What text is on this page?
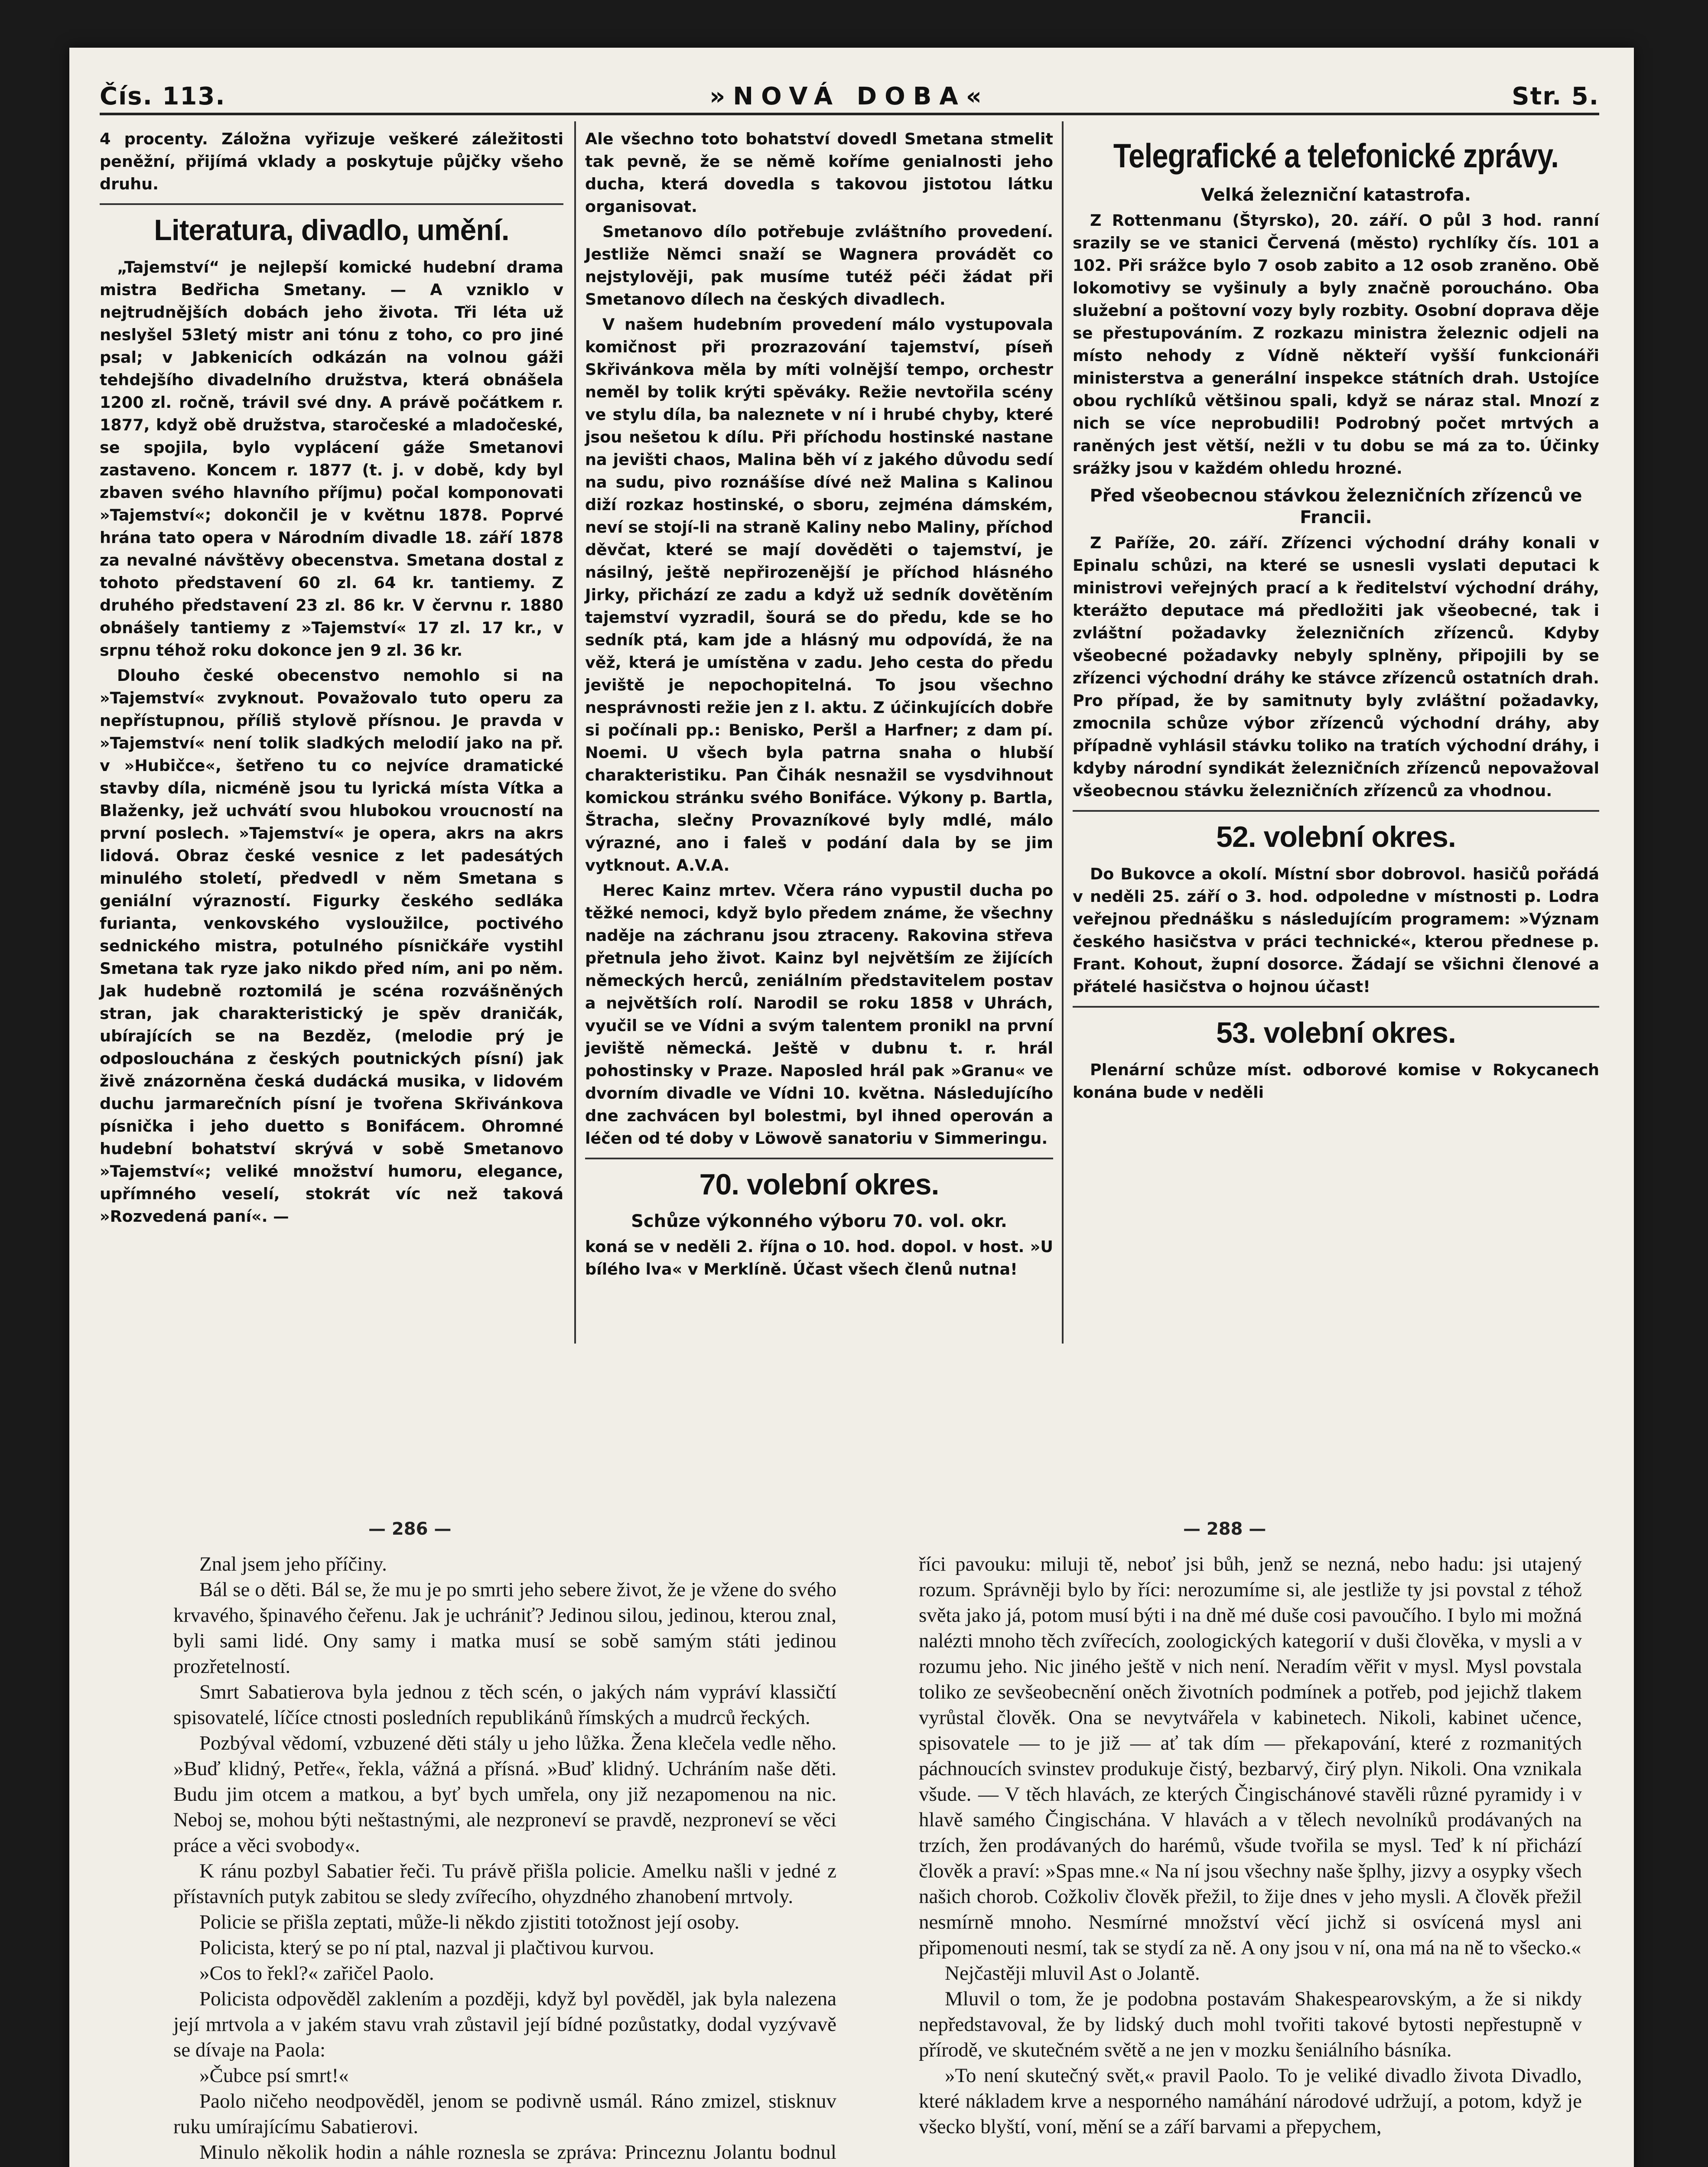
Čís. 113.	»NOVÁ DOBA«	Str. 5.

4 procenty. Záložna vyřizuje veškeré záležitosti peněžní, přijímá vklady a poskytuje půjčky všeho druhu.

Literatura, divadlo, umění.

„Tajemství“ je nejlepší komické hudební drama mistra Bedřicha Smetany. — A vzniklo v nejtrudnějších dobách jeho života. Tři léta už neslyšel 53letý mistr ani tónu z toho, co pro jiné psal; v Jabkenicích odkázán na volnou gáži tehdejšího divadelního družstva, která obnášela 1200 zl. ročně, trávil své dny. A právě počátkem r. 1877, když obě družstva, staročeské a mladočeské, se spojila, bylo vyplácení gáže Smetanovi zastaveno. Koncem r. 1877 (t. j. v době, kdy byl zbaven svého hlavního příjmu) počal komponovati »Tajemství«; dokončil je v květnu 1878. Poprvé hrána tato opera v Národním divadle 18. září 1878 za nevalné návštěvy obecenstva. Smetana dostal z tohoto představení 60 zl. 64 kr. tantiemy. Z druhého představení 23 zl. 86 kr. V červnu r. 1880 obnášely tantiemy z »Tajemství« 17 zl. 17 kr., v srpnu téhož roku dokonce jen 9 zl. 36 kr.

Dlouho české obecenstvo nemohlo si na »Tajemství« zvyknout. Považovalo tuto operu za nepřístupnou, příliš stylově přísnou. Je pravda v »Tajemství« není tolik sladkých melodií jako na př. v »Hubičce«, šetřeno tu co nejvíce dramatické stavby díla, nicméně jsou tu lyrická místa Vítka a Blaženky, jež uchvátí svou hlubokou vroucností na první poslech. »Tajemství« je opera, akrs na akrs lidová. Obraz české vesnice z let padesátých minulého století, předvedl v něm Smetana s geniální výrazností. Figurky českého sedláka furianta, venkovského vysloužilce, poctivého sednického mistra, potulného písničkáře vystihl Smetana tak ryze jako nikdo před ním, ani po něm. Jak hudebně roztomilá je scéna rozvášněných stran, jak charakteristický je spěv draničák, ubírajících se na Bezděz, (melodie prý je odposlouchána z českých poutnických písní) jak živě znázorněna česká dudácká musika, v lidovém duchu jarmarečních písní je tvořena Skřivánkova písnička i jeho duetto s Bonifácem. Ohromné hudební bohatství skrývá v sobě Smetanovo »Tajemství«; veliké množství humoru, elegance, upřímného veselí, stokrát víc než taková »Rozvedená paní«. —

Ale všechno toto bohatství dovedl Smetana stmelit tak pevně, že se němě koříme genialnosti jeho ducha, která dovedla s takovou jistotou látku organisovat.

Smetanovo dílo potřebuje zvláštního provedení. Jestliže Němci snaží se Wagnera provádět co nejstylověji, pak musíme tutéž péči žádat při Smetanovo dílech na českých divadlech.

V našem hudebním provedení málo vystupovala komičnost při prozrazování tajemství, píseň Skřivánkova měla by míti volnější tempo, orchestr neměl by tolik krýti spěváky. Režie nevtořila scény ve stylu díla, ba naleznete v ní i hrubé chyby, které jsou nešetou k dílu. Při příchodu hostinské nastane na jevišti chaos, Malina běh ví z jakého důvodu sedí na sudu, pivo roznášíse dívé než Malina s Kalinou diží rozkaz hostinské, o sboru, zejména dámském, neví se stojí-li na straně Kaliny nebo Maliny, příchod děvčat, které se mají dověděti o tajemství, je násilný, ještě nepřirozenější je příchod hlásného Jirky, přichází ze zadu a když už sedník dovětěním tajemství vyzradil, šourá se do předu, kde se ho sedník ptá, kam jde a hlásný mu odpovídá, že na věž, která je umístěna v zadu. Jeho cesta do předu jeviště je nepochopitelná. To jsou všechno nesprávnosti režie jen z I. aktu. Z účinkujících dobře si počínali pp.: Benisko, Peršl a Harfner; z dam pí. Noemi. U všech byla patrna snaha o hlubší charakteristiku. Pan Čihák nesnažil se vysdvihnout komickou stránku svého Bonifáce. Výkony p. Bartla, Štracha, slečny Provazníkové byly mdlé, málo výrazné, ano i faleš v podání dala by se jim vytknout. A.V.A.

Herec Kainz mrtev. Včera ráno vypustil ducha po těžké nemoci, když bylo předem známe, že všechny naděje na záchranu jsou ztraceny. Rakovina střeva přetnula jeho život. Kainz byl největším ze žijících německých herců, zeniálním představitelem postav a největších rolí. Narodil se roku 1858 v Uhrách, vyučil se ve Vídni a svým talentem pronikl na první jeviště německá. Ještě v dubnu t. r. hrál pohostinsky v Praze. Naposled hrál pak »Granu« ve dvorním divadle ve Vídni 10. května. Následujícího dne zachvácen byl bolestmi, byl ihned operován a léčen od té doby v Löwově sanatoriu v Simmeringu.

70. volební okres.
Schůze výkonného výboru 70. vol. okr.

koná se v neděli 2. října o 10. hod. dopol. v host. »U bílého lva« v Merklíně. Účast všech členů nutna!

Telegrafické a telefonické zprávy.
Velká železniční katastrofa.

Z Rottenmanu (Štyrsko), 20. září. O půl 3 hod. ranní srazily se ve stanici Červená (město) rychlíky čís. 101 a 102. Při srážce bylo 7 osob zabito a 12 osob zraněno. Obě lokomotivy se vyšinuly a byly značně poroucháno. Oba služební a poštovní vozy byly rozbity. Osobní doprava děje se přestupováním. Z rozkazu ministra železnic odjeli na místo nehody z Vídně někteří vyšší funkcionáři ministerstva a generální inspekce státních drah. Ustojíce obou rychlíků většinou spali, když se náraz stal. Mnozí z nich se více neprobudili! Podrobný počet mrtvých a raněných jest větší, nežli v tu dobu se má za to. Účinky srážky jsou v každém ohledu hrozné.

Před všeobecnou stávkou železničních zřízenců ve Francii.

Z Paříže, 20. září. Zřízenci východní dráhy konali v Epinalu schůzi, na které se usnesli vyslati deputaci k ministrovi veřejných prací a k ředitelství východní dráhy, kterážto deputace má předložiti jak všeobecné, tak i zvláštní požadavky železničních zřízenců. Kdyby všeobecné požadavky nebyly splněny, připojili by se zřízenci východní dráhy ke stávce zřízenců ostatních drah. Pro případ, že by samitnuty byly zvláštní požadavky, zmocnila schůze výbor zřízenců východní dráhy, aby případně vyhlásil stávku toliko na tratích východní dráhy, i kdyby národní syndikát železničních zřízenců nepovažoval všeobecnou stávku železničních zřízenců za vhodnou.

52. volební okres.

Do Bukovce a okolí. Místní sbor dobrovol. hasičů pořádá v neděli 25. září o 3. hod. odpoledne v místnosti p. Lodra veřejnou přednášku s následujícím programem: »Význam českého hasičstva v práci technické«, kterou přednese p. Frant. Kohout, župní dosorce. Žádají se všichni členové a přátelé hasičstva o hojnou účast!

53. volební okres.

Plenární schůze míst. odborové komise v Rokycanech konána bude v neděli

— 286 —	— 288 —

Znal jsem jeho příčiny.

Bál se o děti. Bál se, že mu je po smrti jeho sebere život, že je vžene do svého krvavého, špinavého čeřenu. Jak je uchrániť? Jedinou silou, jedinou, kterou znal, byli sami lidé. Ony samy i matka musí se sobě samým státi jedinou prozřetelností.

Smrt Sabatierova byla jednou z těch scén, o jakých nám vypráví klassičtí spisovatelé, líčíce ctnosti posledních republikánů římských a mudrců řeckých.

Pozbýval vědomí, vzbuzené děti stály u jeho lůžka. Žena klečela vedle něho. »Buď klidný, Petře«, řekla, vážná a přísná. »Buď klidný. Uchráním naše děti. Budu jim otcem a matkou, a byť bych umřela, ony již nezapomenou na nic. Neboj se, mohou býti neštastnými, ale nezproneví se pravdě, nezproneví se věci práce a věci svobody«.

K ránu pozbyl Sabatier řeči. Tu právě přišla policie. Amelku našli v jedné z přístavních putyk zabitou se sledy zvířecího, ohyzdného zhanobení mrtvoly.

Policie se přišla zeptati, může-li někdo zjistiti totožnost její osoby.

Policista, který se po ní ptal, nazval ji plačtivou kurvou.

»Cos to řekl?« zařičel Paolo.

Policista odpověděl zaklením a později, když byl pověděl, jak byla nalezena její mrtvola a v jakém stavu vrah zůstavil její bídné pozůstatky, dodal vyzývavě se dívaje na Paola:

»Čubce psí smrt!«

Paolo ničeho neodpověděl, jenom se podivně usmál. Ráno zmizel, stisknuv ruku umírajícímu Sabatierovi.

Minulo několik hodin a náhle roznesla se zpráva: Princeznu Jolantu bodnul

říci pavouku: miluji tě, neboť jsi bůh, jenž se nezná, nebo hadu: jsi utajený rozum. Správněji bylo by říci: nerozumíme si, ale jestliže ty jsi povstal z téhož světa jako já, potom musí býti i na dně mé duše cosi pavoučího. I bylo mi možná nalézti mnoho těch zvířecích, zoologických kategorií v duši člověka, v mysli a v rozumu jeho. Nic jiného ještě v nich není. Neradím věřit v mysl. Mysl povstala toliko ze sevšeobecnění oněch životních podmínek a potřeb, pod jejichž tlakem vyrůstal člověk. Ona se nevytvářela v kabinetech. Nikoli, kabinet učence, spisovatele — to je již — ať tak dím — překapování, které z rozmanitých páchnoucích svinstev produkuje čistý, bezbarvý, čirý plyn. Nikoli. Ona vznikala všude. — V těch hlavách, ze kterých Čingischánové stavěli různé pyramidy i v hlavě samého Čingischána. V hlavách a v tělech nevolníků prodávaných na trzích, žen prodávaných do harémů, všude tvořila se mysl. Teď k ní přichází člověk a praví: »Spas mne.« Na ní jsou všechny naše šplhy, jizvy a osypky všech našich chorob. Cožkoliv člověk přežil, to žije dnes v jeho mysli. A člověk přežil nesmírně mnoho. Nesmírné množství věcí jichž si osvícená mysl ani připomenouti nesmí, tak se stydí za ně. A ony jsou v ní, ona má na ně to všecko.«

Nejčastěji mluvil Ast o Jolantě.

Mluvil o tom, že je podobna postavám Shakespearovským, a že si nikdy nepředstavoval, že by lidský duch mohl tvořiti takové bytosti nepřestupně v přírodě, ve skutečném světě a ne jen v mozku šeniálního básníka.

»To není skutečný svět,« pravil Paolo. To je veliké divadlo života Divadlo, které nákladem krve a nesporného namáhání národové udržují, a potom, když je všecko blyští, voní, mění se a září barvami a přepychem,
